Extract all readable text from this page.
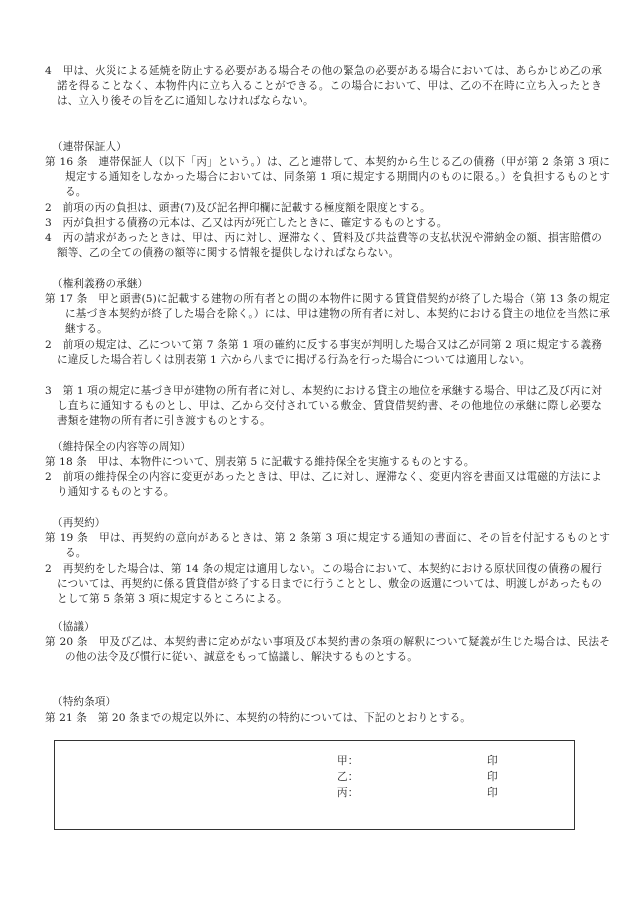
4　甲は、火災による延焼を防止する必要がある場合その他の緊急の必要がある場合においては、あらかじめ乙の承諾を得ることなく、本物件内に立ち入ることができる。この場合において、甲は、乙の不在時に立ち入ったときは、立入り後その旨を乙に通知しなければならない。
（連帯保証人）
第 16 条　連帯保証人（以下「丙」という。）は、乙と連帯して、本契約から生じる乙の債務（甲が第 2 条第 3 項に規定する通知をしなかった場合においては、同条第 1 項に規定する期間内のものに限る。）を負担するものとする。
2　前項の丙の負担は、頭書(7)及び記名押印欄に記載する極度額を限度とする。
3　丙が負担する債務の元本は、乙又は丙が死亡したときに、確定するものとする。
4　丙の請求があったときは、甲は、丙に対し、遅滞なく、賃料及び共益費等の支払状況や滞納金の額、損害賠償の額等、乙の全ての債務の額等に関する情報を提供しなければならない。
（権利義務の承継）
第 17 条　甲と頭書(5)に記載する建物の所有者との間の本物件に関する賃貸借契約が終了した場合（第 13 条の規定に基づき本契約が終了した場合を除く。）には、甲は建物の所有者に対し、本契約における貸主の地位を当然に承継する。
2　前項の規定は、乙について第 7 条第 1 項の確約に反する事実が判明した場合又は乙が同第 2 項に規定する義務に違反した場合若しくは別表第 1 六から八までに掲げる行為を行った場合については適用しない。
3　第 1 項の規定に基づき甲が建物の所有者に対し、本契約における貸主の地位を承継する場合、甲は乙及び丙に対し直ちに通知するものとし、甲は、乙から交付されている敷金、賃貸借契約書、その他地位の承継に際し必要な書類を建物の所有者に引き渡すものとする。
（維持保全の内容等の周知）
第 18 条　甲は、本物件について、別表第 5 に記載する維持保全を実施するものとする。
2　前項の維持保全の内容に変更があったときは、甲は、乙に対し、遅滞なく、変更内容を書面又は電磁的方法により通知するものとする。
（再契約）
第 19 条　甲は、再契約の意向があるときは、第 2 条第 3 項に規定する通知の書面に、その旨を付記するものとする。
2　再契約をした場合は、第 14 条の規定は適用しない。この場合において、本契約における原状回復の債務の履行については、再契約に係る賃貸借が終了する日までに行うこととし、敷金の返還については、明渡しがあったものとして第 5 条第 3 項に規定するところによる。
（協議）
第 20 条　甲及び乙は、本契約書に定めがない事項及び本契約書の条項の解釈について疑義が生じた場合は、民法その他の法令及び慣行に従い、誠意をもって協議し、解決するものとする。
（特約条項）
第 21 条　第 20 条までの規定以外に、本契約の特約については、下記のとおりとする。
甲：	印
乙：	印
丙：	印
